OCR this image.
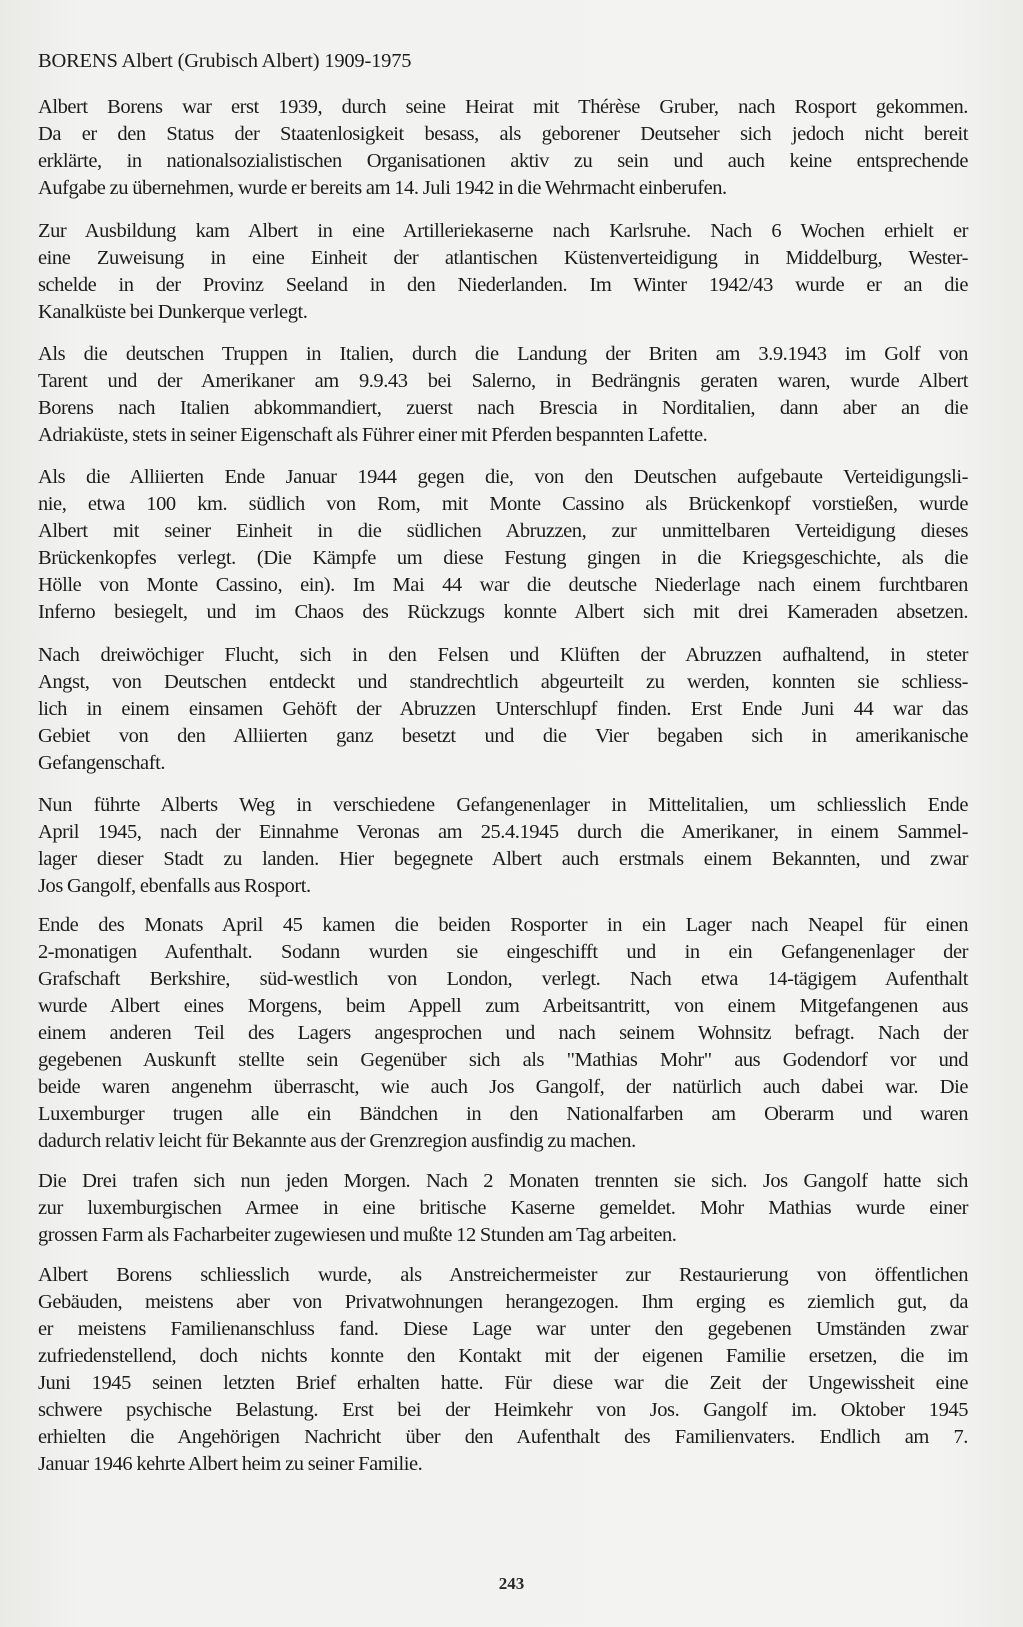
BORENS Albert (Grubisch Albert) 1909-1975
Albert Borens war erst 1939, durch seine Heirat mit Thérèse Gruber, nach Rosport gekommen.
Da er den Status der Staatenlosigkeit besass, als geborener Deutseher sich jedoch nicht bereit
erklärte, in nationalsozialistischen Organisationen aktiv zu sein und auch keine entsprechende
Aufgabe zu übernehmen, wurde er bereits am 14. Juli 1942 in die Wehrmacht einberufen.
Zur Ausbildung kam Albert in eine Artilleriekaserne nach Karlsruhe. Nach 6 Wochen erhielt er
eine Zuweisung in eine Einheit der atlantischen Küstenverteidigung in Middelburg, Wester-
schelde in der Provinz Seeland in den Niederlanden. Im Winter 1942/43 wurde er an die
Kanalküste bei Dunkerque verlegt.
Als die deutschen Truppen in Italien, durch die Landung der Briten am 3.9.1943 im Golf von
Tarent und der Amerikaner am 9.9.43 bei Salerno, in Bedrängnis geraten waren, wurde Albert
Borens nach Italien abkommandiert, zuerst nach Brescia in Norditalien, dann aber an die
Adriaküste, stets in seiner Eigenschaft als Führer einer mit Pferden bespannten Lafette.
Als die Alliierten Ende Januar 1944 gegen die, von den Deutschen aufgebaute Verteidigungsli-
nie, etwa 100 km. südlich von Rom, mit Monte Cassino als Brückenkopf vorstießen, wurde
Albert mit seiner Einheit in die südlichen Abruzzen, zur unmittelbaren Verteidigung dieses
Brückenkopfes verlegt. (Die Kämpfe um diese Festung gingen in die Kriegsgeschichte, als die
Hölle von Monte Cassino, ein). Im Mai 44 war die deutsche Niederlage nach einem furchtbaren
Inferno besiegelt, und im Chaos des Rückzugs konnte Albert sich mit drei Kameraden absetzen.
Nach dreiwöchiger Flucht, sich in den Felsen und Klüften der Abruzzen aufhaltend, in steter
Angst, von Deutschen entdeckt und standrechtlich abgeurteilt zu werden, konnten sie schliess-
lich in einem einsamen Gehöft der Abruzzen Unterschlupf finden. Erst Ende Juni 44 war das
Gebiet von den Alliierten ganz besetzt und die Vier begaben sich in amerikanische
Gefangenschaft.
Nun führte Alberts Weg in verschiedene Gefangenenlager in Mittelitalien, um schliesslich Ende
April 1945, nach der Einnahme Veronas am 25.4.1945 durch die Amerikaner, in einem Sammel-
lager dieser Stadt zu landen. Hier begegnete Albert auch erstmals einem Bekannten, und zwar
Jos Gangolf, ebenfalls aus Rosport.
Ende des Monats April 45 kamen die beiden Rosporter in ein Lager nach Neapel für einen
2-monatigen Aufenthalt. Sodann wurden sie eingeschifft und in ein Gefangenenlager der
Grafschaft Berkshire, süd-westlich von London, verlegt. Nach etwa 14-tägigem Aufenthalt
wurde Albert eines Morgens, beim Appell zum Arbeitsantritt, von einem Mitgefangenen aus
einem anderen Teil des Lagers angesprochen und nach seinem Wohnsitz befragt. Nach der
gegebenen Auskunft stellte sein Gegenüber sich als "Mathias Mohr" aus Godendorf vor und
beide waren angenehm überrascht, wie auch Jos Gangolf, der natürlich auch dabei war. Die
Luxemburger trugen alle ein Bändchen in den Nationalfarben am Oberarm und waren
dadurch relativ leicht für Bekannte aus der Grenzregion ausfindig zu machen.
Die Drei trafen sich nun jeden Morgen. Nach 2 Monaten trennten sie sich. Jos Gangolf hatte sich
zur luxemburgischen Armee in eine britische Kaserne gemeldet. Mohr Mathias wurde einer
grossen Farm als Facharbeiter zugewiesen und mußte 12 Stunden am Tag arbeiten.
Albert Borens schliesslich wurde, als Anstreichermeister zur Restaurierung von öffentlichen
Gebäuden, meistens aber von Privatwohnungen herangezogen. Ihm erging es ziemlich gut, da
er meistens Familienanschluss fand. Diese Lage war unter den gegebenen Umständen zwar
zufriedenstellend, doch nichts konnte den Kontakt mit der eigenen Familie ersetzen, die im
Juni 1945 seinen letzten Brief erhalten hatte. Für diese war die Zeit der Ungewissheit eine
schwere psychische Belastung. Erst bei der Heimkehr von Jos. Gangolf im. Oktober 1945
erhielten die Angehörigen Nachricht über den Aufenthalt des Familienvaters. Endlich am 7.
Januar 1946 kehrte Albert heim zu seiner Familie.
243
